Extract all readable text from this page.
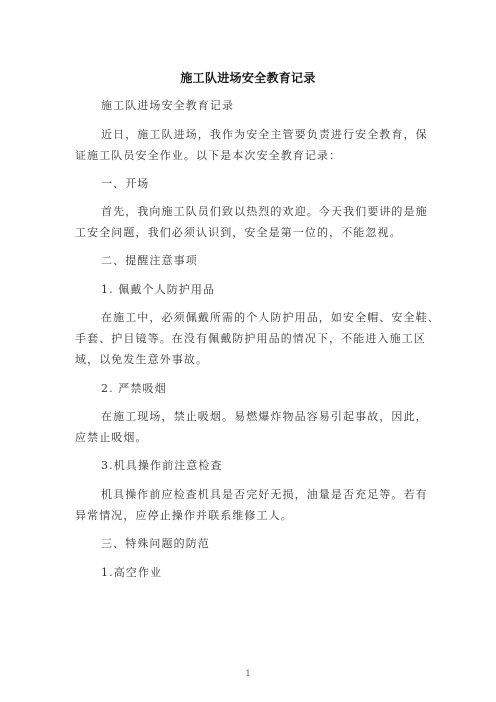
施工队进场安全教育记录
施工队进场安全教育记录
近日，施工队进场，我作为安全主管要负责进行安全教育，保
证施工队员安全作业。以下是本次安全教育记录：
一、开场
首先，我向施工队员们致以热烈的欢迎。今天我们要讲的是施
工安全问题，我们必须认识到，安全是第一位的，不能忽视。
二、提醒注意事项
1. 佩戴个人防护用品
在施工中，必须佩戴所需的个人防护用品，如安全帽、安全鞋、
手套、护目镜等。在没有佩戴防护用品的情况下，不能进入施工区
域，以免发生意外事故。
2. 严禁吸烟
在施工现场，禁止吸烟。易燃爆炸物品容易引起事故，因此，
应禁止吸烟。
3.机具操作前注意检查
机具操作前应检查机具是否完好无损，油量是否充足等。若有
异常情况，应停止操作并联系维修工人。
三、特殊问题的防范
1.高空作业
1
